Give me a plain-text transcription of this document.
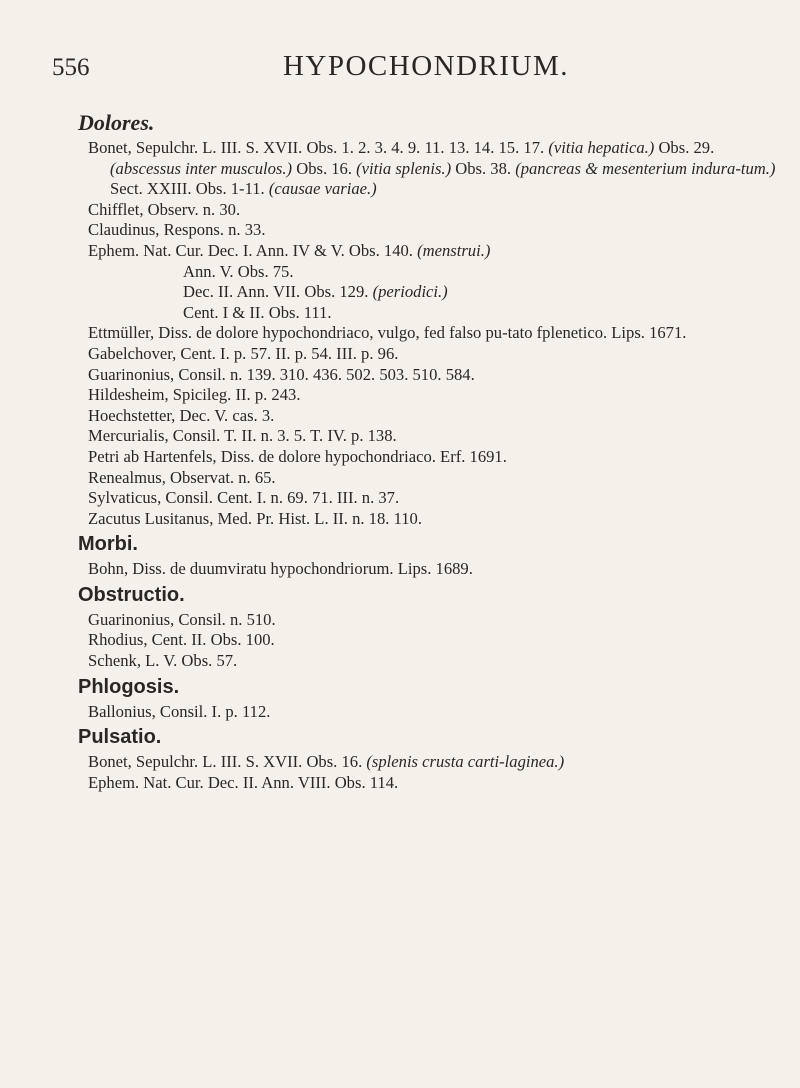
556	HYPOCHONDRIUM.
Dolores.
Bonet, Sepulchr. L. III. S. XVII. Obs. 1. 2. 3. 4. 9. 11. 13. 14. 15. 17. (vitia hepatica.) Obs. 29. (abscessus inter musculos.) Obs. 16. (vitia splenis.) Obs. 38. (pancreas & mesenterium indura-tum.) Sect. XXIII. Obs. 1-11. (causae variae.)
Chifflet, Observ. n. 30.
Claudinus, Respons. n. 33.
Ephem. Nat. Cur. Dec. I. Ann. IV & V. Obs. 140. (menstrui.)
Ann. V. Obs. 75.
Dec. II. Ann. VII. Obs. 129. (periodici.)
Cent. I & II. Obs. 111.
Ettmüller, Diss. de dolore hypochondriaco, vulgo, fed falso pu-tato fplenetico. Lips. 1671.
Gabelchover, Cent. I. p. 57. II. p. 54. III. p. 96.
Guarinonius, Consil. n. 139. 310. 436. 502. 503. 510. 584.
Hildesheim, Spicileg. II. p. 243.
Hoechstetter, Dec. V. cas. 3.
Mercurialis, Consil. T. II. n. 3. 5. T. IV. p. 138.
Petri ab Hartenfels, Diss. de dolore hypochondriaco. Erf. 1691.
Renealmus, Observat. n. 65.
Sylvaticus, Consil. Cent. I. n. 69. 71. III. n. 37.
Zacutus Lusitanus, Med. Pr. Hist. L. II. n. 18. 110.
Morbi.
Bohn, Diss. de duumviratu hypochondriorum. Lips. 1689.
Obstructio.
Guarinonius, Consil. n. 510.
Rhodius, Cent. II. Obs. 100.
Schenk, L. V. Obs. 57.
Phlogosis.
Ballonius, Consil. I. p. 112.
Pulsatio.
Bonet, Sepulchr. L. III. S. XVII. Obs. 16. (splenis crusta carti-laginea.)
Ephem. Nat. Cur. Dec. II. Ann. VIII. Obs. 114.
